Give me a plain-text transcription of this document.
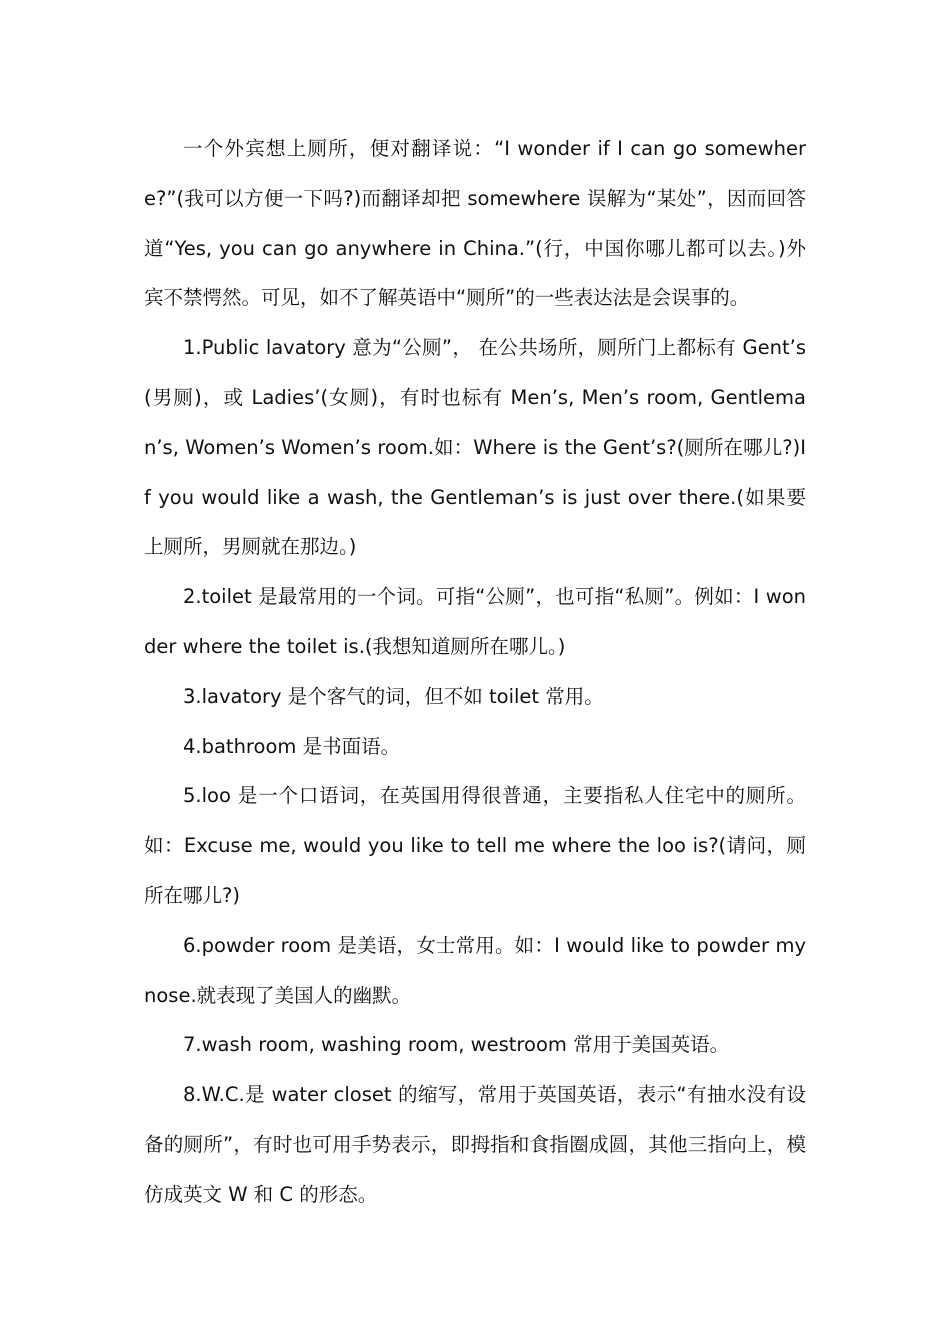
一个外宾想上厕所，便对翻译说：“I wonder if I can go somewhere?”(我可以方便一下吗?)而翻译却把 somewhere 误解为“某处”，因而回答道“Yes, you can go anywhere in China.”(行，中国你哪儿都可以去。)外宾不禁愕然。可见，如不了解英语中“厕所”的一些表达法是会误事的。

1.Public lavatory 意为“公厕”， 在公共场所，厕所门上都标有 Gent’s(男厕)，或 Ladies’(女厕)，有时也标有 Men’s, Men’s room, Gentleman’s, Women’s Women’s room.如：Where is the Gent’s?(厕所在哪儿?)If you would like a wash, the Gentleman’s is just over there.(如果要上厕所，男厕就在那边。)

2.toilet 是最常用的一个词。可指“公厕”，也可指“私厕”。例如：I wonder where the toilet is.(我想知道厕所在哪儿。)

3.lavatory 是个客气的词，但不如 toilet 常用。

4.bathroom 是书面语。

5.loo 是一个口语词，在英国用得很普通，主要指私人住宅中的厕所。如：Excuse me, would you like to tell me where the loo is?(请问，厕所在哪儿?)

6.powder room 是美语，女士常用。如：I would like to powder my nose.就表现了美国人的幽默。

7.wash room, washing room, westroom 常用于美国英语。

8.W.C.是 water closet 的缩写，常用于英国英语，表示“有抽水没有设备的厕所”，有时也可用手势表示，即拇指和食指圈成圆，其他三指向上，模仿成英文 W 和 C 的形态。
